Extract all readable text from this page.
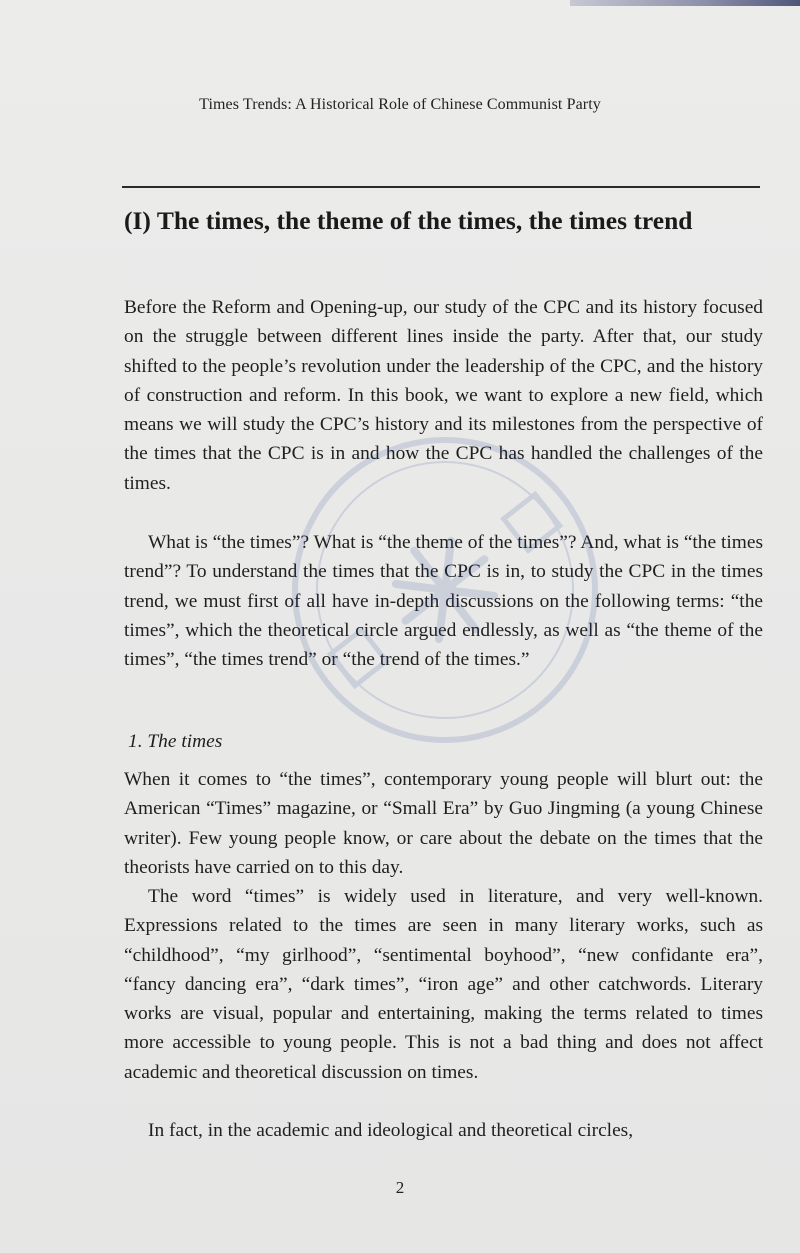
Times Trends: A Historical Role of Chinese Communist Party
(I) The times, the theme of the times, the times trend

Before the Reform and Opening-up, our study of the CPC and its history focused on the struggle between different lines inside the party. After that, our study shifted to the people’s revolution under the leadership of the CPC, and the history of construction and reform. In this book, we want to explore a new field, which means we will study the CPC’s history and its milestones from the perspective of the times that the CPC is in and how the CPC has handled the challenges of the times.

What is “the times”? What is “the theme of the times”? And, what is “the times trend”? To understand the times that the CPC is in, to study the CPC in the times trend, we must first of all have in-depth discussions on the following terms: “the times”, which the theoretical circle argued endlessly, as well as “the theme of the times”, “the times trend” or “the trend of the times.”

1. The times

When it comes to “the times”, contemporary young people will blurt out: the American “Times” magazine, or “Small Era” by Guo Jingming (a young Chinese writer). Few young people know, or care about the debate on the times that the theorists have carried on to this day.

The word “times” is widely used in literature, and very well-known. Expressions related to the times are seen in many literary works, such as “childhood”, “my girlhood”, “sentimental boyhood”, “new confidante era”, “fancy dancing era”, “dark times”, “iron age” and other catchwords. Literary works are visual, popular and entertaining, making the terms related to times more accessible to young people. This is not a bad thing and does not affect academic and theoretical discussion on times.

In fact, in the academic and ideological and theoretical circles,

2
